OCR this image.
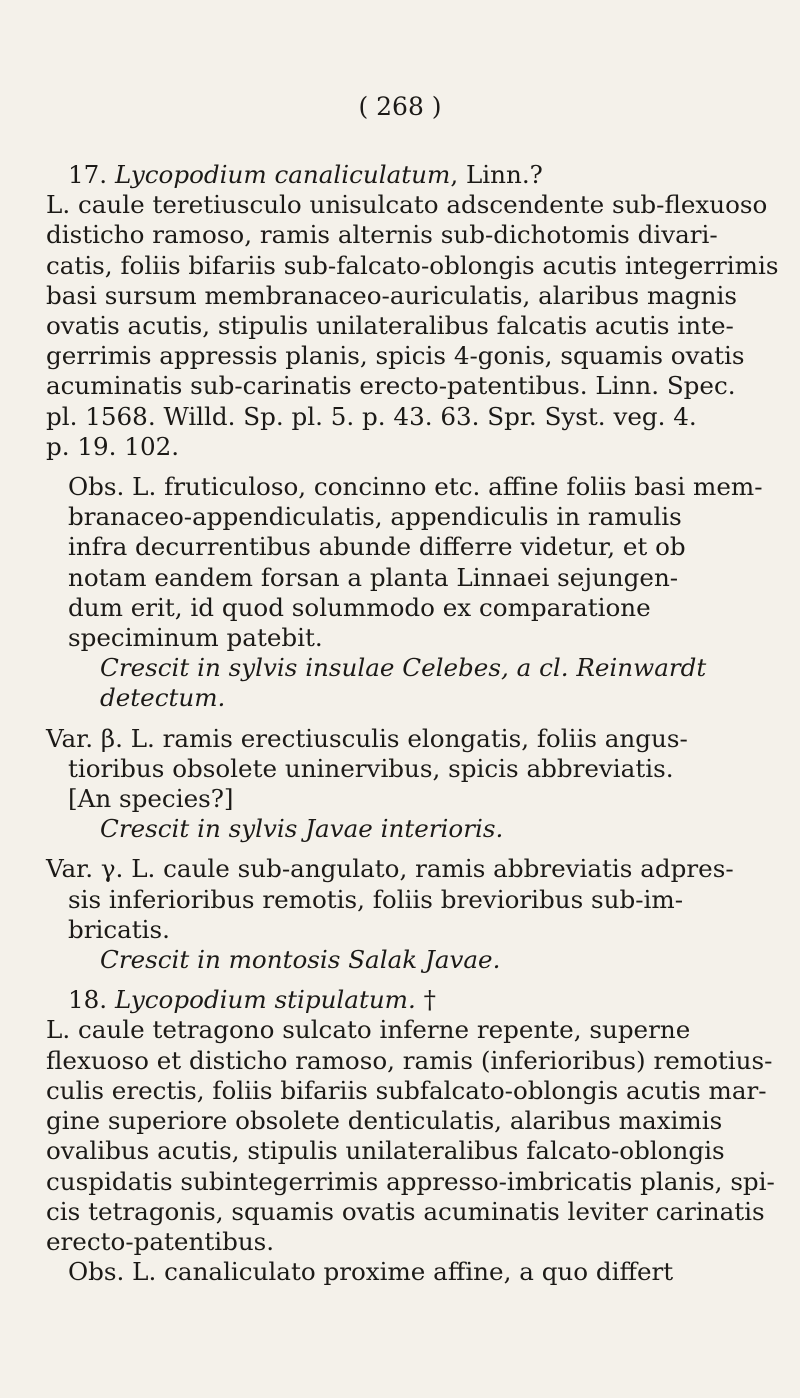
( 268 )

17. Lycopodium canaliculatum, Linn.?

L. caule teretiusculo unisulcato adscendente sub-flexuoso
disticho ramoso, ramis alternis sub-dichotomis divari-
catis, foliis bifariis sub-falcato-oblongis acutis integerrimis
basi sursum membranaceo-auriculatis, alaribus magnis
ovatis acutis, stipulis unilateralibus falcatis acutis inte-
gerrimis appressis planis, spicis 4-gonis, squamis ovatis
acuminatis sub-carinatis erecto-patentibus. Linn. Spec.
pl. 1568. Willd. Sp. pl. 5. p. 43. 63. Spr. Syst. veg. 4.
p. 19. 102.

Obs. L. fruticuloso, concinno etc. affine foliis basi mem-
branaceo-appendiculatis, appendiculis in ramulis
infra decurrentibus abunde differre videtur, et ob
notam eandem forsan a planta Linnaei sejungen-
dum erit, id quod solummodo ex comparatione
speciminum patebit.

Crescit in sylvis insulae Celebes, a cl. Reinwardt
detectum.

Var. β. L. ramis erectiusculis elongatis, foliis angus-
tioribus obsolete uninervibus, spicis abbreviatis.
[An species?]

Crescit in sylvis Javae interioris.

Var. γ. L. caule sub-angulato, ramis abbreviatis adpres-
sis inferioribus remotis, foliis brevioribus sub-im-
bricatis.

Crescit in montosis Salak Javae.

18. Lycopodium stipulatum. †

L. caule tetragono sulcato inferne repente, superne
flexuoso et disticho ramoso, ramis (inferioribus) remotius-
culis erectis, foliis bifariis subfalcato-oblongis acutis mar-
gine superiore obsolete denticulatis, alaribus maximis
ovalibus acutis, stipulis unilateralibus falcato-oblongis
cuspidatis subintegerrimis appresso-imbricatis planis, spi-
cis tetragonis, squamis ovatis acuminatis leviter carinatis
erecto-patentibus.

Obs. L. canaliculato proxime affine, a quo differt
